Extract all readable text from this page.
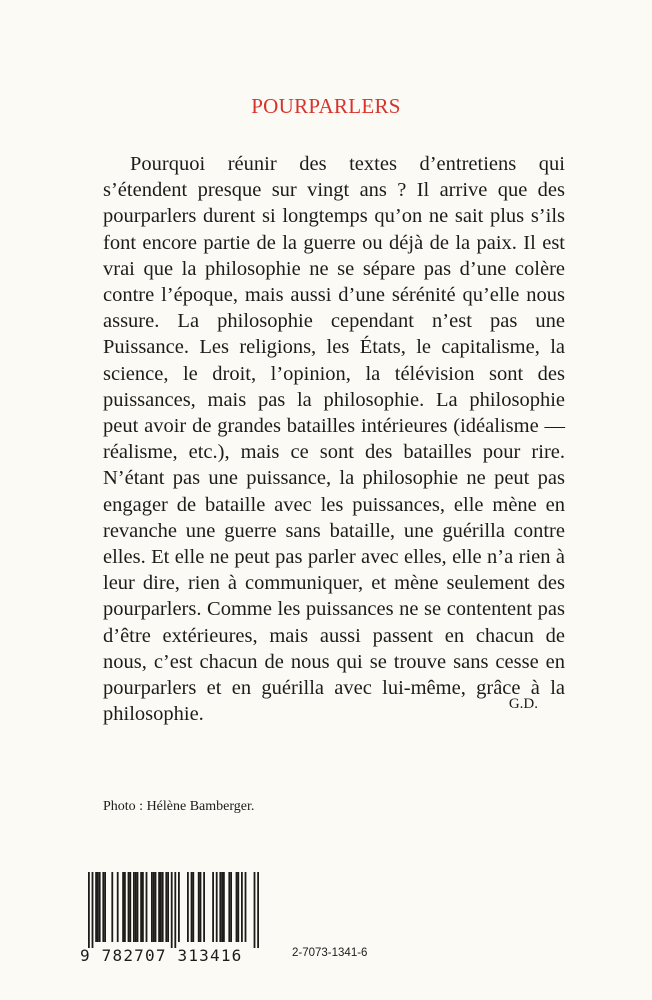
POURPARLERS

Pourquoi réunir des textes d’entretiens qui s’étendent presque sur vingt ans ? Il arrive que des pourparlers durent si longtemps qu’on ne sait plus s’ils font encore partie de la guerre ou déjà de la paix. Il est vrai que la philosophie ne se sépare pas d’une colère contre l’époque, mais aussi d’une sérénité qu’elle nous assure. La philosophie cependant n’est pas une Puissance. Les religions, les États, le capitalisme, la science, le droit, l’opinion, la télévision sont des puissances, mais pas la philosophie. La philosophie peut avoir de grandes batailles intérieures (idéalisme — réalisme, etc.), mais ce sont des batailles pour rire. N’étant pas une puissance, la philosophie ne peut pas engager de bataille avec les puissances, elle mène en revanche une guerre sans bataille, une guérilla contre elles. Et elle ne peut pas parler avec elles, elle n’a rien à leur dire, rien à communiquer, et mène seulement des pourparlers. Comme les puissances ne se contentent pas d’être extérieures, mais aussi passent en chacun de nous, c’est chacun de nous qui se trouve sans cesse en pourparlers et en guérilla avec lui-même, grâce à la philosophie.	G.D.
Photo : Hélène Bamberger.
9 782707 313416	2-7073-1341-6
